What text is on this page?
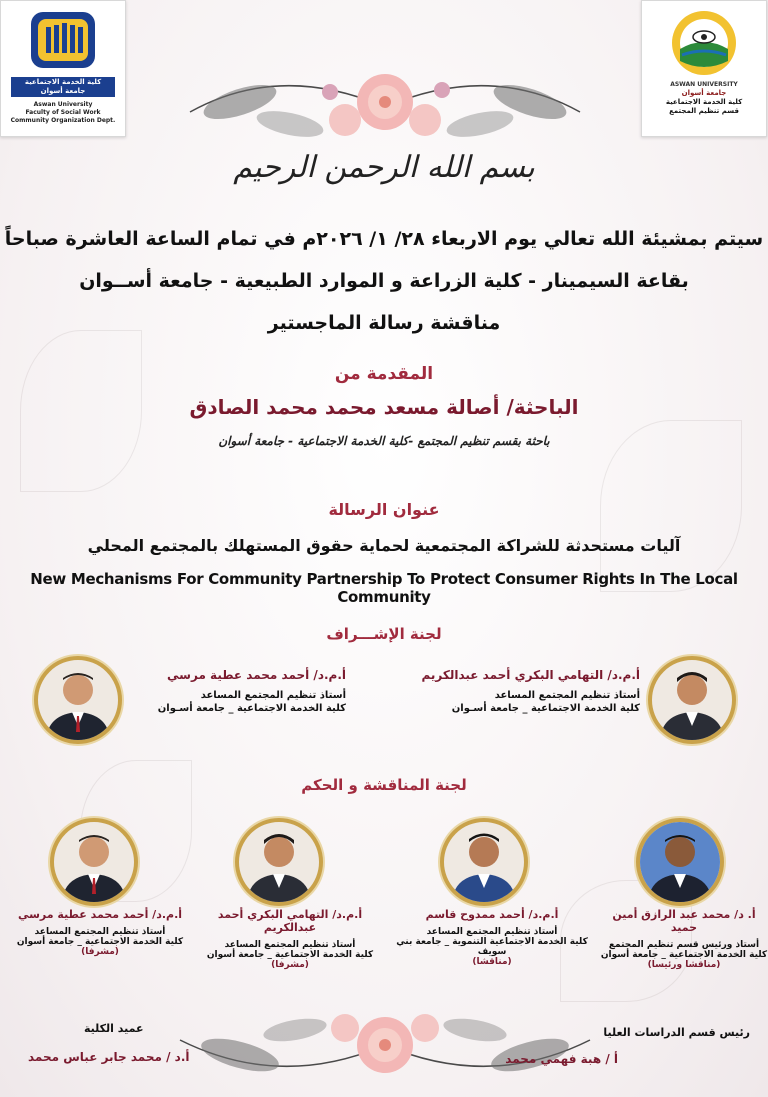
كلية الخدمة الاجتماعية
جامعة أسوان
Aswan University
Faculty of Social Work
Community Organization Dept.
ASWAN UNIVERSITY
جامعة أسوان
كلية الخدمة الاجتماعية
قسم تنظيم المجتمع
بسم الله الرحمن الرحيم
سيتم بمشيئة الله تعالي يوم الاربعاء ٢٨/ ١/ ٢٠٢٦م في تمام الساعة العاشرة صباحاً
بقاعة السيمينار - كلية الزراعة و الموارد الطبيعية - جامعة أســوان
مناقشة رسالة الماجستير
المقدمة من
الباحثة/ أصالة مسعد محمد محمد الصادق
باحثة بقسم تنظيم المجتمع -كلية الخدمة الاجتماعية - جامعة أسوان
عنوان الرسالة
آليات مستحدثة للشراكة المجتمعية لحماية حقوق المستهلك بالمجتمع المحلي
New Mechanisms For Community Partnership To Protect Consumer Rights In The Local Community
لجنة الإشـــراف
أ.م.د/ التهامي البكري أحمد عبدالكريم
أستاذ تنظيم المجتمع المساعد
كلية الخدمة الاجتماعية _ جامعة أسـوان
أ.م.د/ أحمد محمد عطية مرسي
أستاذ تنظيم المجتمع المساعد
كلية الخدمة الاجتماعية _ جامعة أسـوان
لجنة المناقشة و الحكم
أ. د/ محمد عبد الرازق أمين حميد
أستاذ ورئيس قسم تنظيم المجتمع
كلية الخدمة الاجتماعية _ جامعة أسوان
(مناقشا ورئيسا)
أ.م.د/ أحمد ممدوح قاسم
أستاذ تنظيم المجتمع المساعد
كلية الخدمة الاجتماعية التنموية _ جامعة بني سويف
(مناقشا)
أ.م.د/ التهامي البكري أحمد عبدالكريم
أستاذ تنظيم المجتمع المساعد
كلية الخدمة الاجتماعية _ جامعة أسوان
(مشرفا)
أ.م.د/ أحمد محمد عطية مرسي
أستاذ تنظيم المجتمع المساعد
كلية الخدمة الاجتماعية _ جامعة أسوان
(مشرفا)
رئيس قسم الدراسات العليا
أ / هبة فهمي محمد
عميد الكلية
أ.د / محمد جابر عباس محمد
